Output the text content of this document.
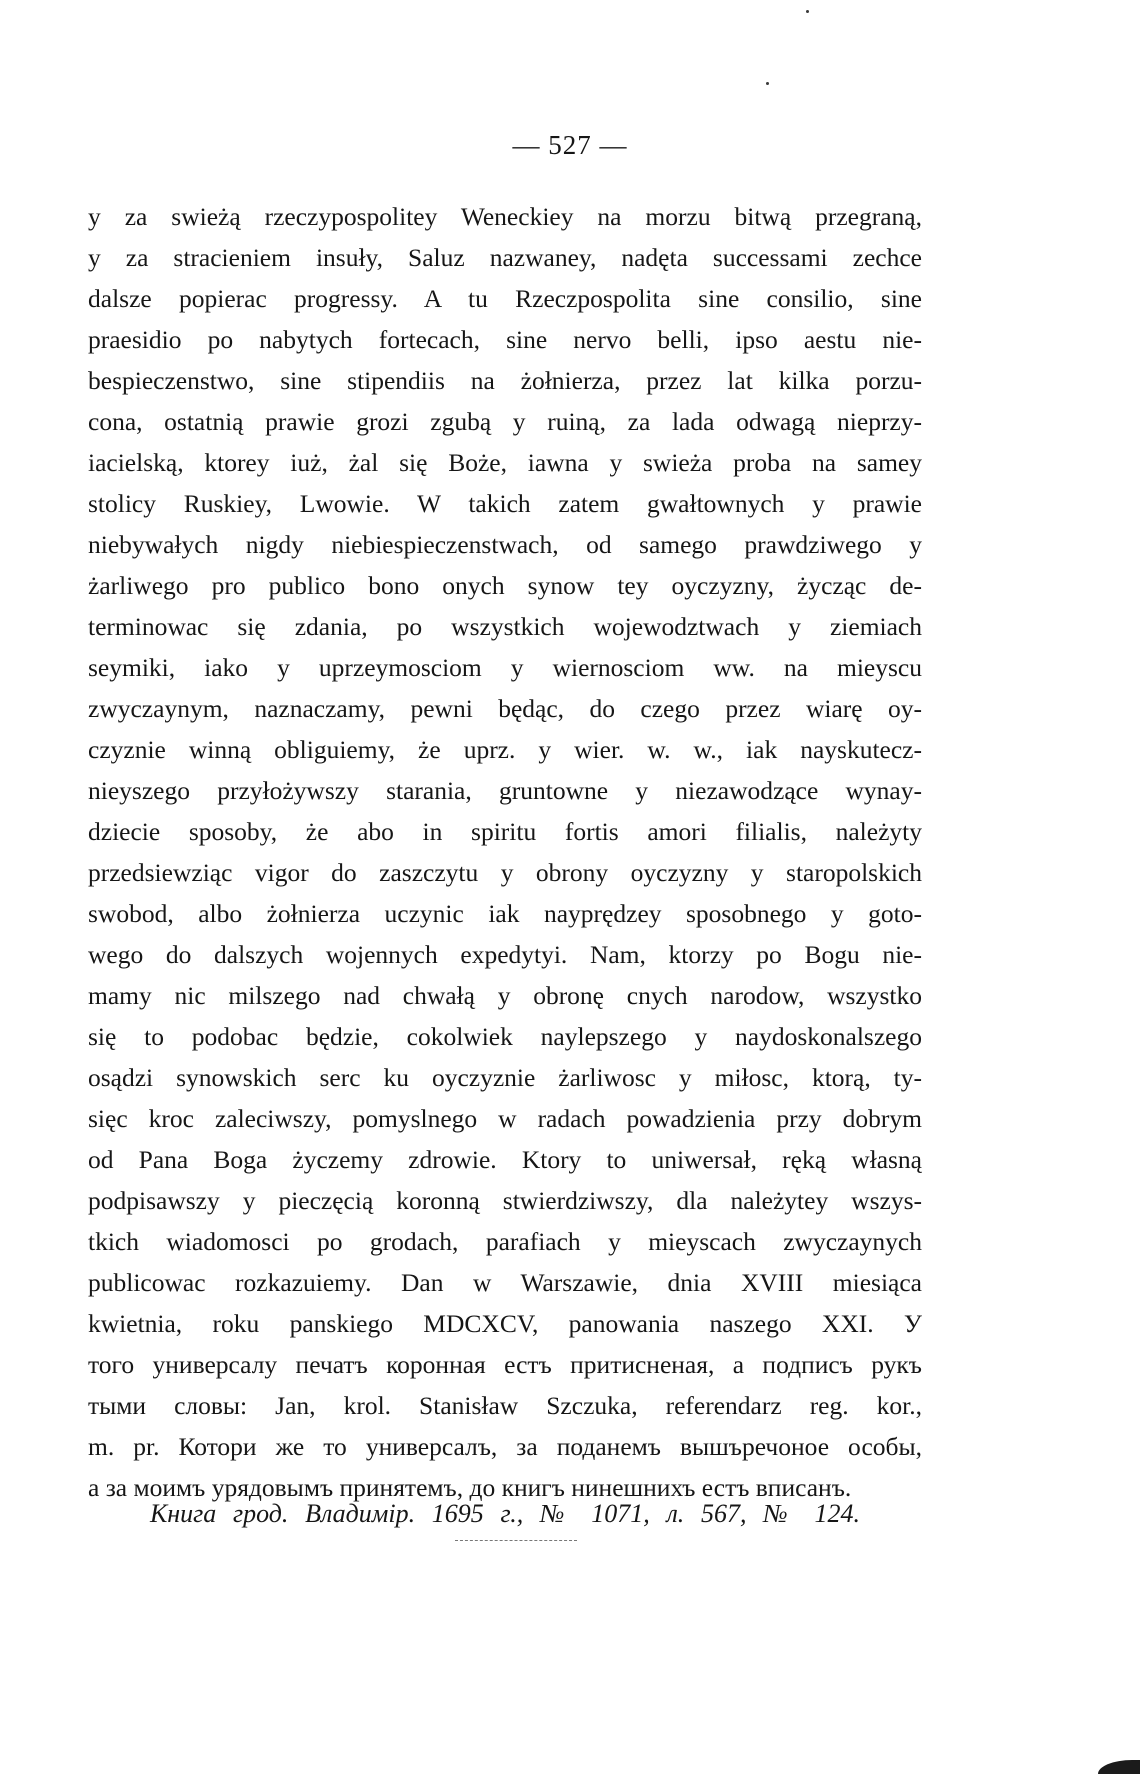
— 527 —
y za swieżą rzeczypospolitey Weneckiey na morzu bitwą przegraną,
y za stracieniem insuły, Saluz nazwaney, nadęta successami zechce
dalsze popierac progressy. A tu Rzeczpospolita sine consilio, sine
praesidio po nabytych fortecach, sine nervo belli, ipso aestu nie-
bespieczenstwo, sine stipendiis na żołnierza, przez lat kilka porzu-
cona, ostatnią prawie grozi zgubą y ruiną, za lada odwagą nieprzy-
iacielską, ktorey iuż, żal się Boże, iawna y swieża proba na samey
stolicy Ruskiey, Lwowie. W takich zatem gwałtownych y prawie
niebywałych nigdy niebiespieczenstwach, od samego prawdziwego y
żarliwego pro publico bono onych synow tey oyczyzny, życząc de-
terminowac się zdania, po wszystkich wojewodztwach y ziemiach
seymiki, iako y uprzeymosciom y wiernosciom ww. na mieyscu
zwyczaynym, naznaczamy, pewni będąc, do czego przez wiarę oy-
czyznie winną obliguiemy, że uprz. y wier. w. w., iak nayskutecz-
nieyszego przyłożywszy starania, gruntowne y niezawodzące wynay-
dziecie sposoby, że abo in spiritu fortis amori filialis, należyty
przedsiewziąc vigor do zaszczytu y obrony oyczyzny y staropolskich
swobod, albo żołnierza uczynic iak nayprędzey sposobnego y goto-
wego do dalszych wojennych expedytyi. Nam, ktorzy po Bogu nie-
mamy nic milszego nad chwałą y obronę cnych narodow, wszystko
się to podobac będzie, cokolwiek naylepszego y naydoskonalszego
osądzi synowskich serc ku oyczyznie żarliwosc y miłosc, ktorą, ty-
sięc kroc zaleciwszy, pomyslnego w radach powadzienia przy dobrym
od Pana Boga życzemy zdrowie. Ktory to uniwersał, ręką własną
podpisawszy y pieczęcią koronną stwierdziwszy, dla należytey wszys-
tkich wiadomosci po grodach, parafiach y mieyscach zwyczaynych
publicowac rozkazuiemy. Dan w Warszawie, dnia XVIII miesiąca
kwietnia, roku panskiego MDCXCV, panowania naszego XXI. У
того универсалу печатъ коронная естъ притисненая, а подписъ рукъ
тыми словы: Jan, krol. Stanisław Szczuka, referendarz reg. kor.,
m. pr. Котори же то универсалъ, за поданемъ вышъречоное особы,
а за моимъ урядовымъ принятемъ, до книгъ нинешнихъ естъ вписанъ.
Книга грод. Владимір. 1695 г., № 1071, л. 567, № 124.
